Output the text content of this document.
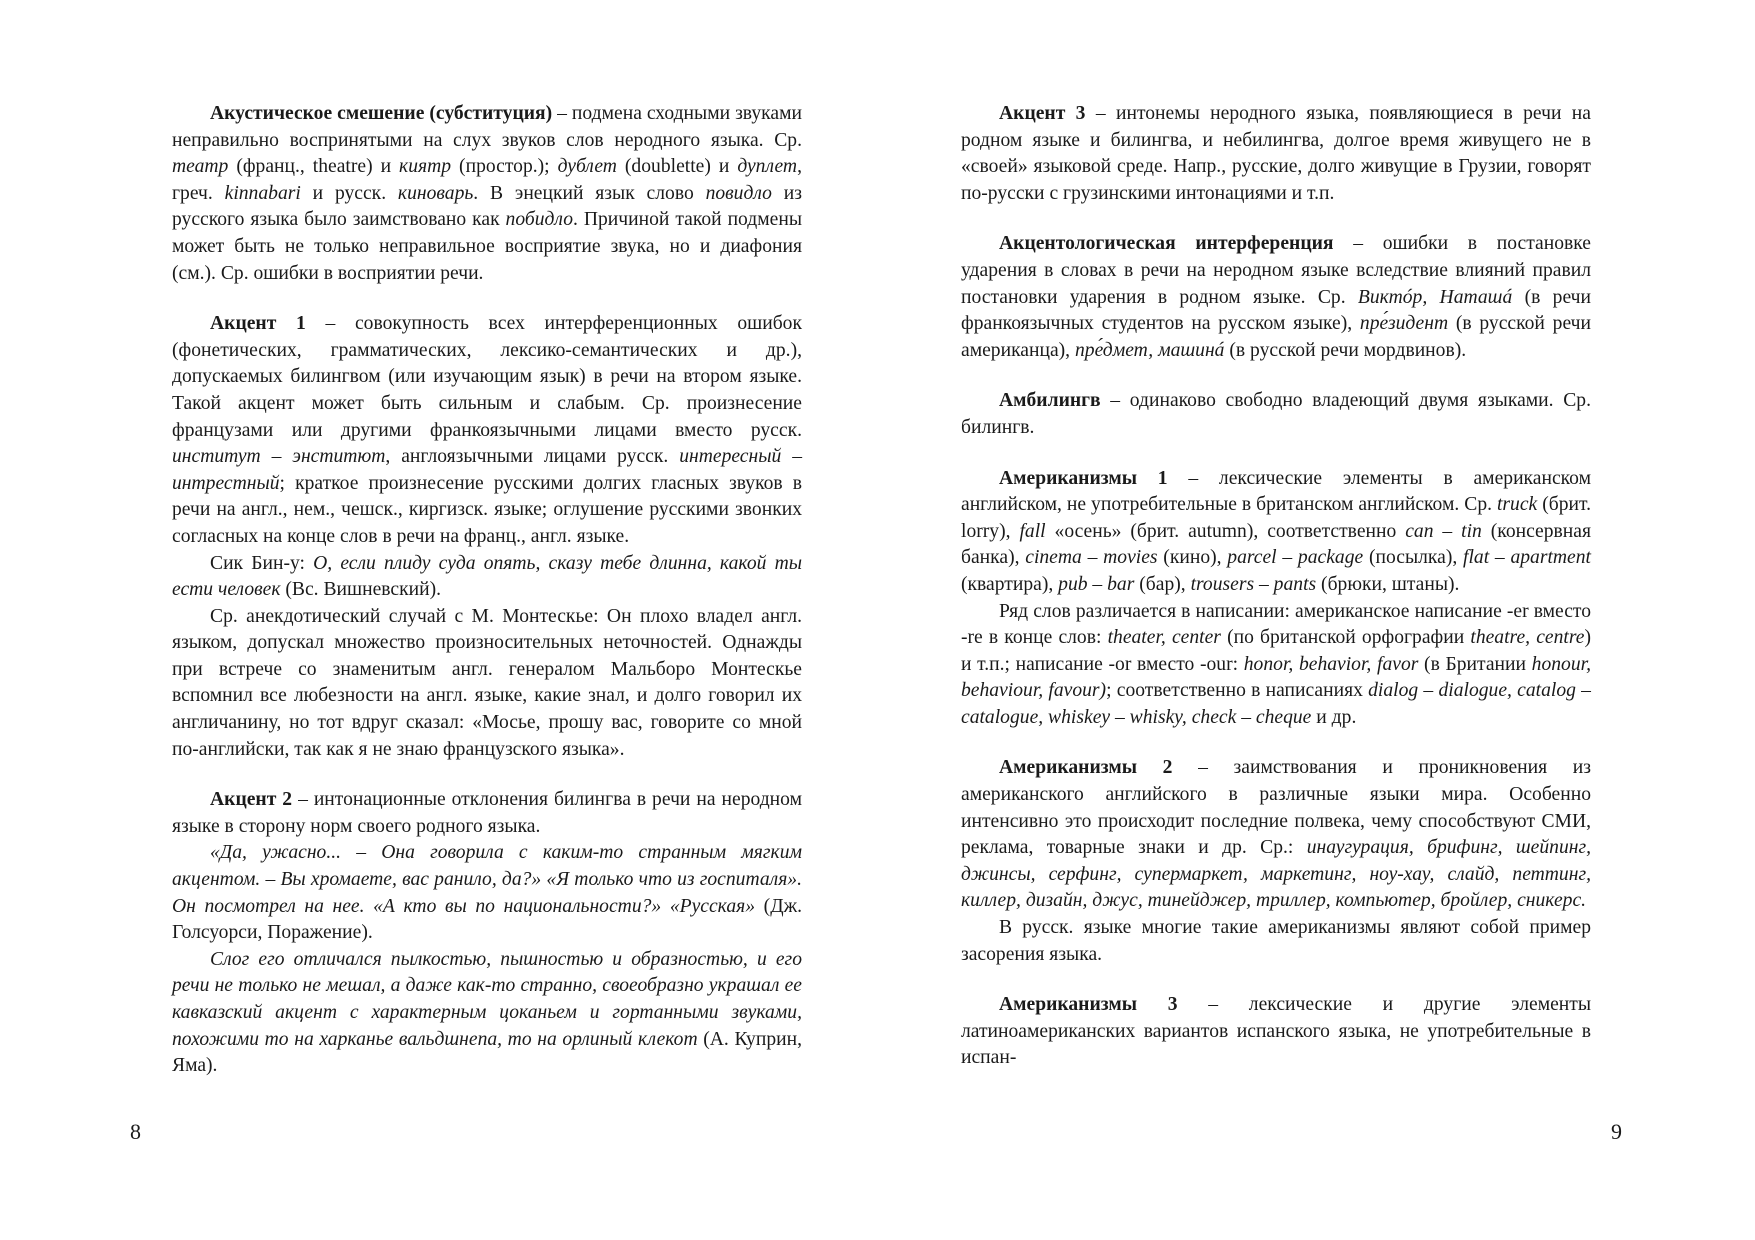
Акустическое смешение (субституция) – подмена сходными звуками неправильно воспринятыми на слух звуков слов неродного языка. Ср. театр (франц., theatre) и киятр (простор.); дублет (doublette) и дуплет, греч. kinnabari и русск. киноварь. В энецкий язык слово повидло из русского языка было заимствовано как побидло. Причиной такой подмены может быть не только неправильное восприятие звука, но и диафония (см.). Ср. ошибки в восприятии речи.

Акцент 1 – совокупность всех интерференционных ошибок (фонетических, грамматических, лексико-семантических и др.), допускаемых билингвом (или изучающим язык) в речи на втором языке. Такой акцент может быть сильным и слабым. Ср. произнесение французами или другими франкоязычными лицами вместо русск. институт – энститют, англоязычными лицами русск. интересный – интрестный; краткое произнесение русскими долгих гласных звуков в речи на англ., нем., чешск., киргизск. языке; оглушение русскими звонких согласных на конце слов в речи на франц., англ. языке.

Сик Бин-у: О, если плиду суда опять, сказу тебе длинна, какой ты ести человек (Вс. Вишневский).

Ср. анекдотический случай с М. Монтескье: Он плохо владел англ. языком, допускал множество произносительных неточностей. Однажды при встрече со знаменитым англ. генералом Мальборо Монтескье вспомнил все любезности на англ. языке, какие знал, и долго говорил их англичанину, но тот вдруг сказал: «Мосье, прошу вас, говорите со мной по-английски, так как я не знаю французского языка».

Акцент 2 – интонационные отклонения билингва в речи на неродном языке в сторону норм своего родного языка.

«Да, ужасно... – Она говорила с каким-то странным мягким акцентом. – Вы хромаете, вас ранило, да?» «Я только что из госпиталя». Он посмотрел на нее. «А кто вы по национальности?» «Русская» (Дж. Голсуорси, Поражение).

Слог его отличался пылкостью, пышностью и образностью, и его речи не только не мешал, а даже как-то странно, своеобразно украшал ее кавказский акцент с характерным цоканьем и гортанными звуками, похожими то на харканье вальдшнепа, то на орлиный клекот (А. Куприн, Яма).

8

Акцент 3 – интонемы неродного языка, появляющиеся в речи на родном языке и билингва, и небилингва, долгое время живущего не в «своей» языковой среде. Напр., русские, долго живущие в Грузии, говорят по-русски с грузинскими интонациями и т.п.

Акцентологическая интерференция – ошибки в постановке ударения в словах в речи на неродном языке вследствие влияний правил постановки ударения в родном языке. Ср. Виктóр, Наташá (в речи франкоязычных студентов на русском языке), пре́зидент (в русской речи американца), пре́дмет, машинá (в русской речи мордвинов).

Амбилингв – одинаково свободно владеющий двумя языками. Ср. билингв.

Американизмы 1 – лексические элементы в американском английском, не употребительные в британском английском. Ср. truck (брит. lorry), fall «осень» (брит. autumn), соответственно can – tin (консервная банка), cinema – movies (кино), parcel – package (посылка), flat – apartment (квартира), pub – bar (бар), trousers – pants (брюки, штаны).

Ряд слов различается в написании: американское написание -er вместо -re в конце слов: theater, center (по британской орфографии theatre, centre) и т.п.; написание -or вместо -our: honor, behavior, favor (в Британии honour, behaviour, favour); соответственно в написаниях dialog – dialogue, catalog – catalogue, whiskey – whisky, check – cheque и др.

Американизмы 2 – заимствования и проникновения из американского английского в различные языки мира. Особенно интенсивно это происходит последние полвека, чему способствуют СМИ, реклама, товарные знаки и др. Ср.: инаугурация, брифинг, шейпинг, джинсы, серфинг, супермаркет, маркетинг, ноу-хау, слайд, петтинг, киллер, дизайн, джус, тинейджер, триллер, компьютер, бройлер, сникерс.

В русск. языке многие такие американизмы являют собой пример засорения языка.

Американизмы 3 – лексические и другие элементы латиноамериканских вариантов испанского языка, не употребительные в испан-

9
